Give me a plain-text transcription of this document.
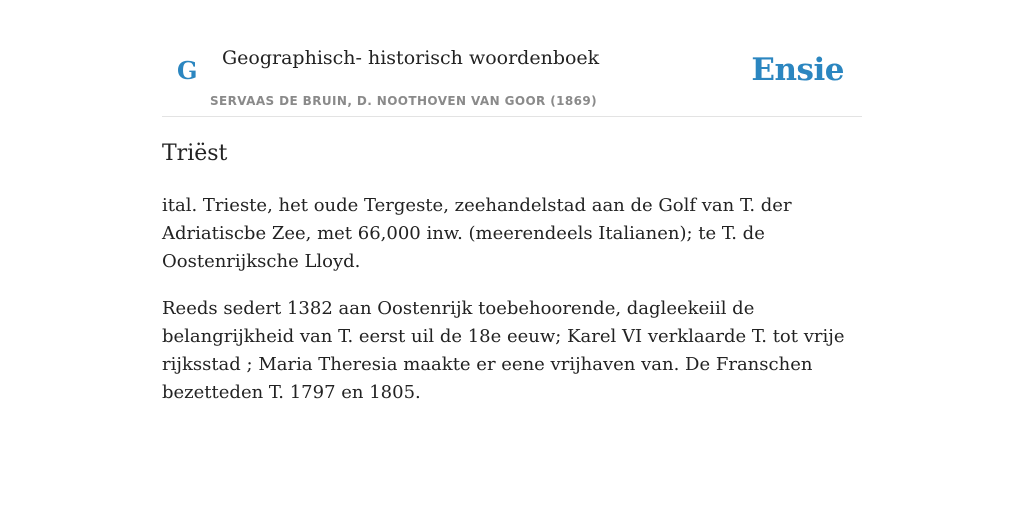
G Geographisch- historisch woordenboek
SERVAAS DE BRUIN, D. NOOTHOVEN VAN GOOR (1869)
Ensie
Triëst

ital. Trieste, het oude Tergeste, zeehandelstad aan de Golf van T. der Adriatiscbe Zee, met 66,000 inw. (meerendeels Italianen); te T. de Oostenrijksche Lloyd.

Reeds sedert 1382 aan Oostenrijk toebehoorende, dagleekeiil de belangrijkheid van T. eerst uil de 18e eeuw; Karel VI verklaarde T. tot vrije rijksstad ; Maria Theresia maakte er eene vrijhaven van. De Franschen bezetteden T. 1797 en 1805.
